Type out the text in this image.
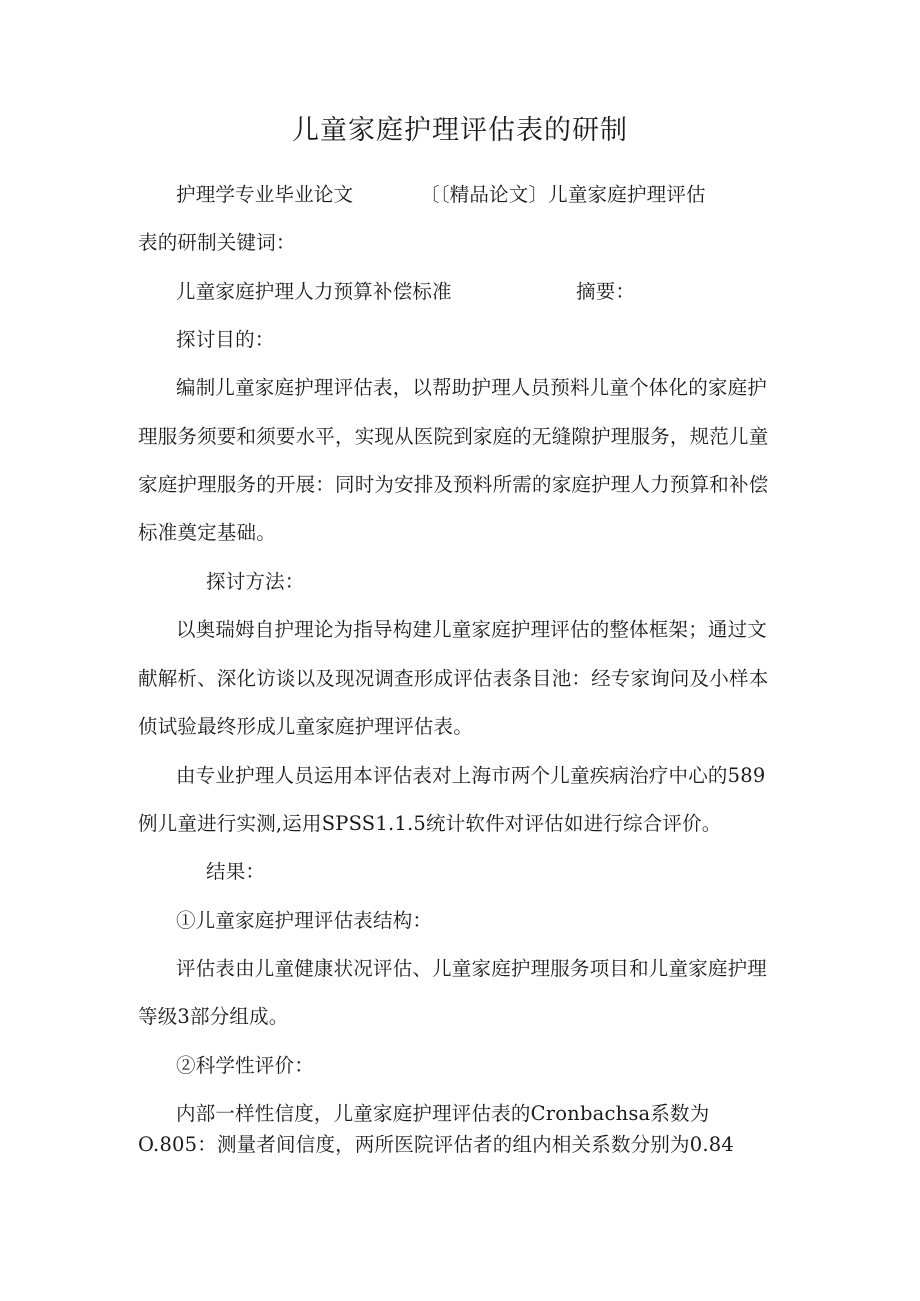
儿童家庭护理评估表的研制
护理学专业毕业论文	〔〔精品论文〕儿童家庭护理评估
表的研制关键词：
儿童家庭护理人力预算补偿标准	摘要：
探讨目的：
编制儿童家庭护理评估表，以帮助护理人员预料儿童个体化的家庭护
理服务须要和须要水平，实现从医院到家庭的无缝隙护理服务，规范儿童
家庭护理服务的开展：同时为安排及预料所需的家庭护理人力预算和补偿
标准奠定基础。
探讨方法：
以奥瑞姆自护理论为指导构建儿童家庭护理评估的整体框架；通过文
献解析、深化访谈以及现况调查形成评估表条目池：经专家询问及小样本
侦试验最终形成儿童家庭护理评估表。
由专业护理人员运用本评估表对上海市两个儿童疾病治疗中心的589
例儿童进行实测,运用SPSS1.1.5统计软件对评估如进行综合评价。
结果：
①儿童家庭护理评估表结构：
评估表由儿童健康状况评估、儿童家庭护理服务项目和儿童家庭护理
等级3部分组成。
②科学性评价：
内部一样性信度，儿童家庭护理评估表的Cronbachsa系数为
O.805：测量者间信度，两所医院评估者的组内相关系数分别为0.84
